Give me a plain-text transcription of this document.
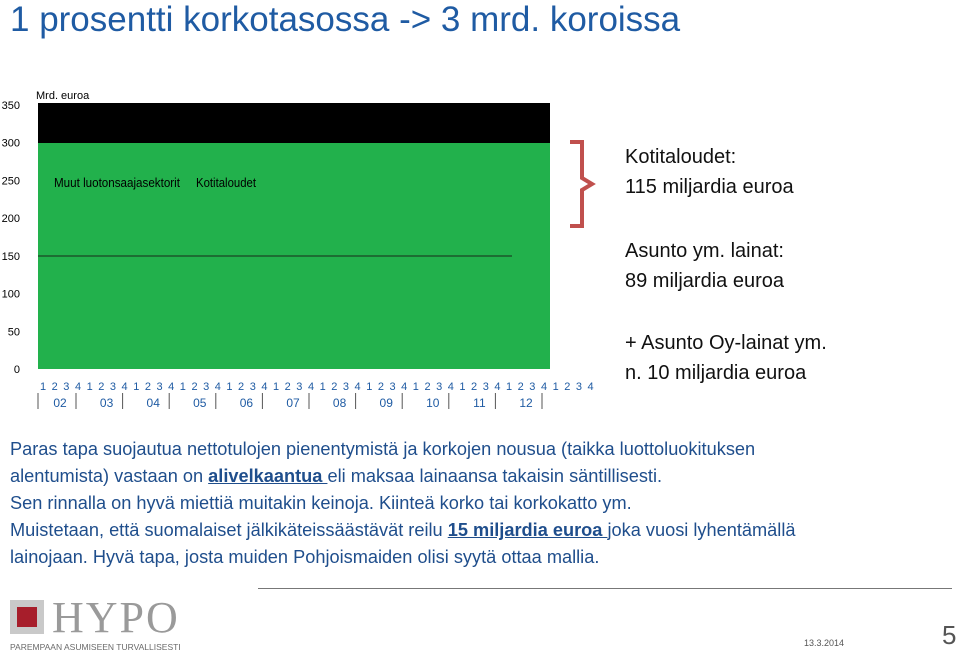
1 prosentti korkotasossa -> 3 mrd. koroissa
Mrd. euroa
350
300
250
200
150
100
50
0
Muut luotonsaajasektorit Kotitaloudet
1 2 3 4 1 2 3 4 1 2 3 4 1 2 3 4 1 2 3 4 1 2 3 4 1 2 3 4 1 2 3 4 1 2 3 4 1 2 3 4 1 2 3 4 1 2 3 4
02	03	04	05	06	07	08	09	10	11	12
Kotitaloudet:
115 miljardia euroa
Asunto ym. lainat:
89 miljardia euroa
+ Asunto Oy-lainat ym.
n. 10 miljardia euroa

Paras tapa suojautua nettotulojen pienentymistä ja korkojen nousua (taikka luottoluokituksen

alentumista) vastaan on alivelkaantua eli maksaa lainaansa takaisin säntillisesti.

Sen rinnalla on hyvä miettiä muitakin keinoja. Kiinteä korko tai korkokatto ym.

Muistetaan, että suomalaiset jälkikäteissäästävät reilu 15 miljardia euroa joka vuosi lyhentämällä

lainojaan. Hyvä tapa, josta muiden Pohjoismaiden olisi syytä ottaa mallia.

HYPO
PAREMPAAN ASUMISEEN TURVALLISESTI	13.3.2014	5
